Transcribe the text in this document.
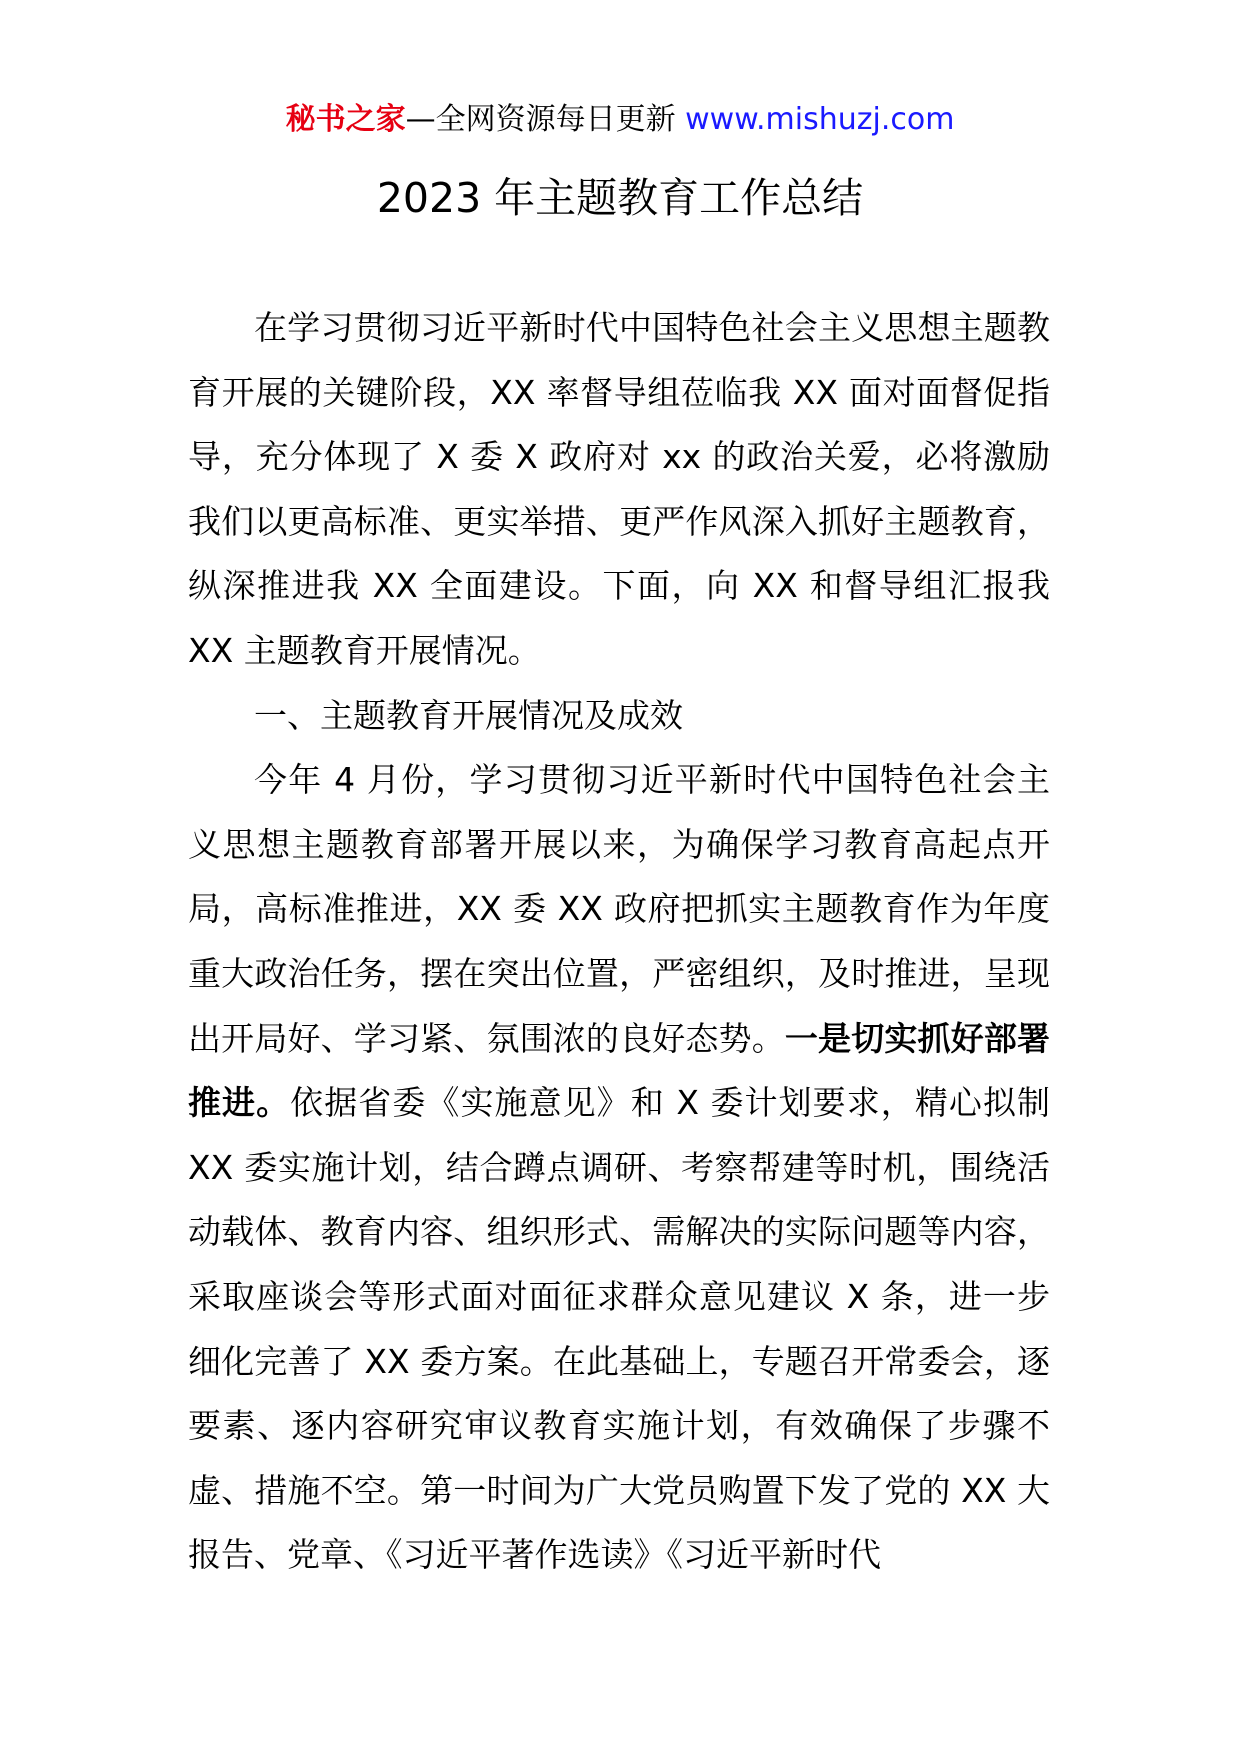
秘书之家—全网资源每日更新 www.mishuzj.com
2023 年主题教育工作总结

在学习贯彻习近平新时代中国特色社会主义思想主题教育开展的关键阶段，XX 率督导组莅临我 XX 面对面督促指导，充分体现了 X 委 X 政府对 xx 的政治关爱，必将激励我们以更高标准、更实举措、更严作风深入抓好主题教育，纵深推进我 XX 全面建设。下面，向 XX 和督导组汇报我 XX 主题教育开展情况。

一、主题教育开展情况及成效

今年 4 月份，学习贯彻习近平新时代中国特色社会主义思想主题教育部署开展以来，为确保学习教育高起点开局，高标准推进，XX 委 XX 政府把抓实主题教育作为年度重大政治任务，摆在突出位置，严密组织，及时推进，呈现出开局好、学习紧、氛围浓的良好态势。一是切实抓好部署推进。依据省委《实施意见》和 X 委计划要求，精心拟制 XX 委实施计划，结合蹲点调研、考察帮建等时机，围绕活动载体、教育内容、组织形式、需解决的实际问题等内容，采取座谈会等形式面对面征求群众意见建议 X 条，进一步细化完善了 XX 委方案。在此基础上，专题召开常委会，逐要素、逐内容研究审议教育实施计划，有效确保了步骤不虚、措施不空。第一时间为广大党员购置下发了党的 XX 大报告、党章、《习近平著作选读》《习近平新时代
